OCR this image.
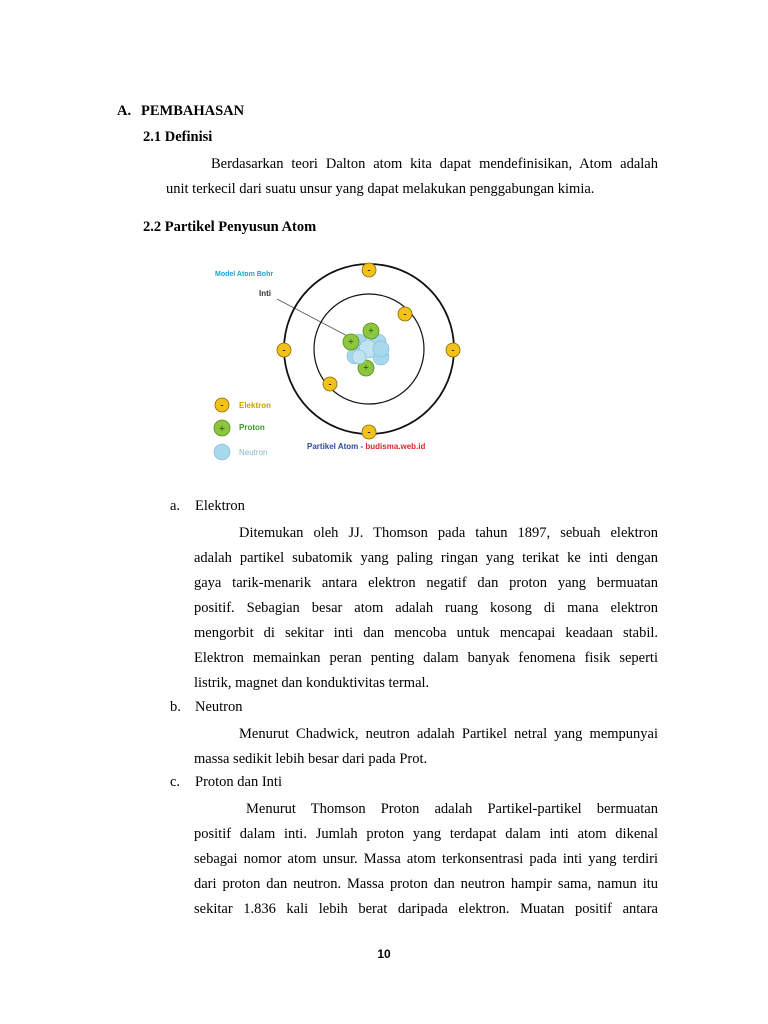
A. PEMBAHASAN
2.1 Definisi
Berdasarkan teori Dalton atom kita dapat mendefinisikan, Atom adalah
unit terkecil dari suatu unsur yang dapat melakukan penggabungan kimia.
2.2 Partikel Penyusun Atom
Model Atom Bohr
Inti
+
+
+
-
-
-	-
-
-
- Elektron
+ Proton
Neutron
Partikel Atom - budisma.web.id
a. Elektron
Ditemukan oleh JJ. Thomson pada tahun 1897, sebuah elektron
adalah partikel subatomik yang paling ringan yang terikat ke inti dengan
gaya tarik-menarik antara elektron negatif dan proton yang bermuatan
positif. Sebagian besar atom adalah ruang kosong di mana elektron
mengorbit di sekitar inti dan mencoba untuk mencapai keadaan stabil.
Elektron memainkan peran penting dalam banyak fenomena fisik seperti
listrik, magnet dan konduktivitas termal.
b. Neutron
Menurut Chadwick, neutron adalah Partikel netral yang mempunyai
massa sedikit lebih besar dari pada Prot.
c. Proton dan Inti
Menurut Thomson Proton adalah Partikel-partikel bermuatan
positif dalam inti. Jumlah proton yang terdapat dalam inti atom dikenal
sebagai nomor atom unsur. Massa atom terkonsentrasi pada inti yang terdiri
dari proton dan neutron. Massa proton dan neutron hampir sama, namun itu
sekitar 1.836 kali lebih berat daripada elektron. Muatan positif antara
10
